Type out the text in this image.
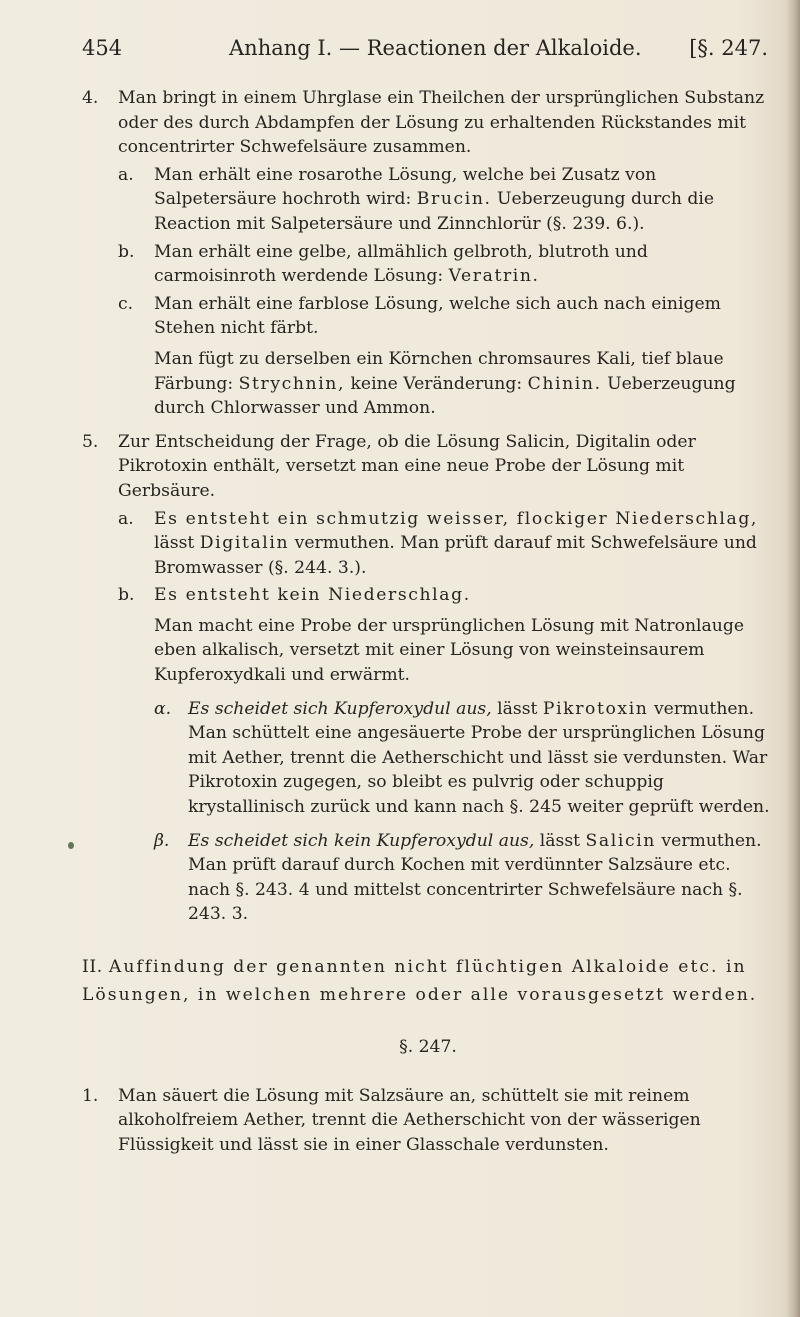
454	Anhang I. — Reactionen der Alkaloide. [§. 247.
4. Man bringt in einem Uhrglase ein Theilchen der ursprünglichen Substanz oder des durch Abdampfen der Lösung zu erhaltenden Rückstandes mit concentrirter Schwefelsäure zusammen.

a. Man erhält eine rosarothe Lösung, welche bei Zusatz von Salpetersäure hochroth wird: Brucin. Ueberzeugung durch die Reaction mit Salpetersäure und Zinnchlorür (§. 239. 6.).

b. Man erhält eine gelbe, allmählich gelbroth, blutroth und carmoisinroth werdende Lösung: Veratrin.

c. Man erhält eine farblose Lösung, welche sich auch nach einigem Stehen nicht färbt.

Man fügt zu derselben ein Körnchen chromsaures Kali, tief blaue Färbung: Strychnin, keine Veränderung: Chinin. Ueberzeugung durch Chlorwasser und Ammon.

5. Zur Entscheidung der Frage, ob die Lösung Salicin, Digitalin oder Pikrotoxin enthält, versetzt man eine neue Probe der Lösung mit Gerbsäure.

a. Es entsteht ein schmutzig weisser, flockiger Niederschlag, lässt Digitalin vermuthen. Man prüft darauf mit Schwefelsäure und Bromwasser (§. 244. 3.).

b. Es entsteht kein Niederschlag.

Man macht eine Probe der ursprünglichen Lösung mit Natronlauge eben alkalisch, versetzt mit einer Lösung von weinsteinsaurem Kupferoxydkali und erwärmt.

α. Es scheidet sich Kupferoxydul aus, lässt Pikrotoxin vermuthen. Man schüttelt eine angesäuerte Probe der ursprünglichen Lösung mit Aether, trennt die Aetherschicht und lässt sie verdunsten. War Pikrotoxin zugegen, so bleibt es pulvrig oder schuppig krystallinisch zurück und kann nach §. 245 weiter geprüft werden.

β. Es scheidet sich kein Kupferoxydul aus, lässt Salicin vermuthen. Man prüft darauf durch Kochen mit verdünnter Salzsäure etc. nach §. 243. 4 und mittelst concentrirter Schwefelsäure nach §. 243. 3.

II. Auffindung der genannten nicht flüchtigen Alkaloide etc. in Lösungen, in welchen mehrere oder alle vorausgesetzt werden.

§. 247.
1. Man säuert die Lösung mit Salzsäure an, schüttelt sie mit reinem alkoholfreiem Aether, trennt die Aetherschicht von der wässerigen Flüssigkeit und lässt sie in einer Glasschale verdunsten.
